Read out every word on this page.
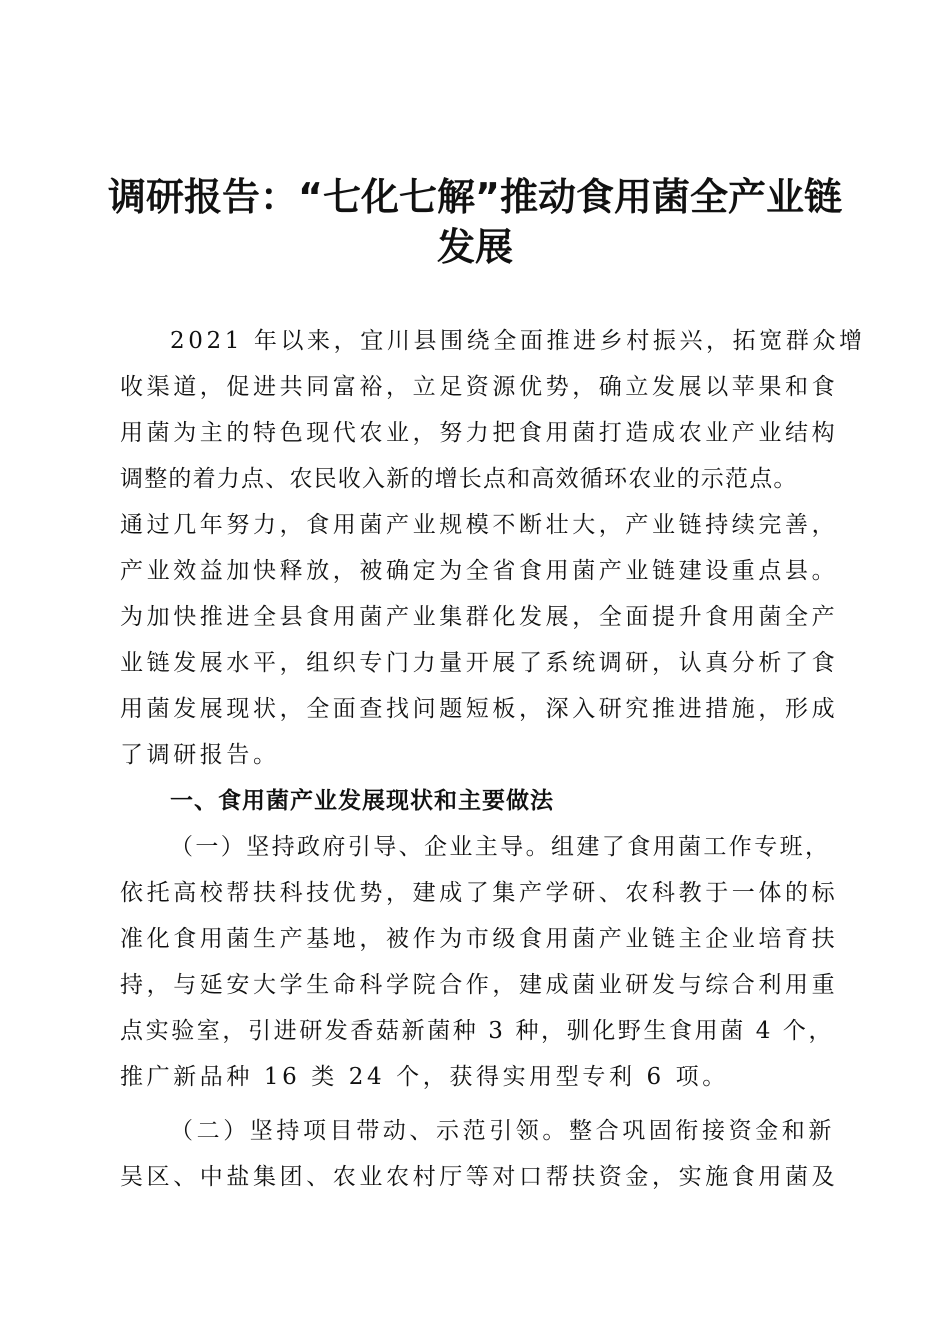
调研报告：“七化七解”推动食用菌全产业链
发展
2021 年以来，宜川县围绕全面推进乡村振兴，拓宽群众增
收渠道，促进共同富裕，立足资源优势，确立发展以苹果和食
用菌为主的特色现代农业，努力把食用菌打造成农业产业结构
调整的着力点、农民收入新的增长点和高效循环农业的示范点。
通过几年努力，食用菌产业规模不断壮大，产业链持续完善，
产业效益加快释放，被确定为全省食用菌产业链建设重点县。
为加快推进全县食用菌产业集群化发展，全面提升食用菌全产
业链发展水平，组织专门力量开展了系统调研，认真分析了食
用菌发展现状，全面查找问题短板，深入研究推进措施，形成
了调研报告。
一、食用菌产业发展现状和主要做法
（一）坚持政府引导、企业主导。组建了食用菌工作专班，
依托高校帮扶科技优势，建成了集产学研、农科教于一体的标
准化食用菌生产基地，被作为市级食用菌产业链主企业培育扶
持，与延安大学生命科学院合作，建成菌业研发与综合利用重
点实验室，引进研发香菇新菌种 3 种，驯化野生食用菌 4 个，
推广新品种 16 类 24 个，获得实用型专利 6 项。
（二）坚持项目带动、示范引领。整合巩固衔接资金和新
吴区、中盐集团、农业农村厅等对口帮扶资金，实施食用菌及
